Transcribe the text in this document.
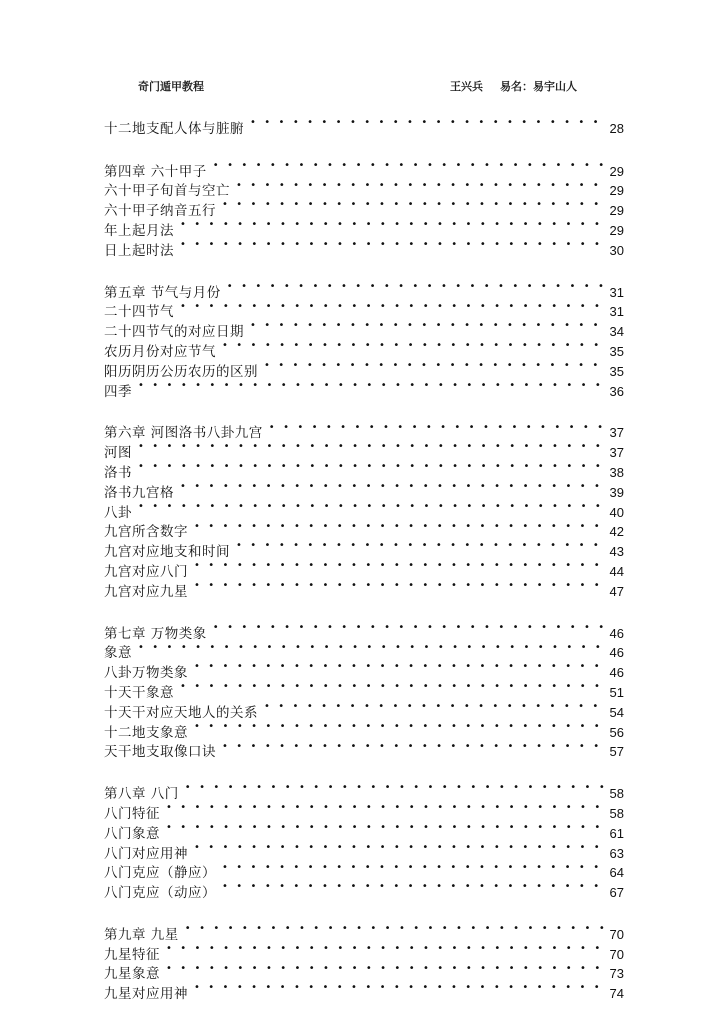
奇门遁甲教程	王兴兵 易名：易宇山人
十二地支配人体与脏腑 • • •	28
第四章 六十甲子 • • •	29
六十甲子旬首与空亡 • • •	29
六十甲子纳音五行 • • •	29
年上起月法 • • •	29
日上起时法 • • •	30
第五章 节气与月份 • • •	31
二十四节气 • • •	31
二十四节气的对应日期 • • •	34
农历月份对应节气 • • •	35
阳历阴历公历农历的区别 • • •	35
四季 • • •	36
第六章 河图洛书八卦九宫 • • •	37
河图 • • •	37
洛书 • • •	38
洛书九宫格 • • •	39
八卦 • • •	40
九宫所含数字 • • •	42
九宫对应地支和时间 • • •	43
九宫对应八门 • • •	44
九宫对应九星 • • •	47
第七章 万物类象 • • •	46
象意 • • •	46
八卦万物类象 • • •	46
十天干象意 • • •	51
十天干对应天地人的关系 • • •	54
十二地支象意 • • •	56
天干地支取像口诀 • • •	57
第八章 八门 • • •	58
八门特征 • • •	58
八门象意 • • •	61
八门对应用神 • • •	63
八门克应（静应） • • •	64
八门克应（动应） • • •	67
第九章 九星 • • •	70
九星特征 • • •	70
九星象意 • • •	73
九星对应用神 • • •	74
